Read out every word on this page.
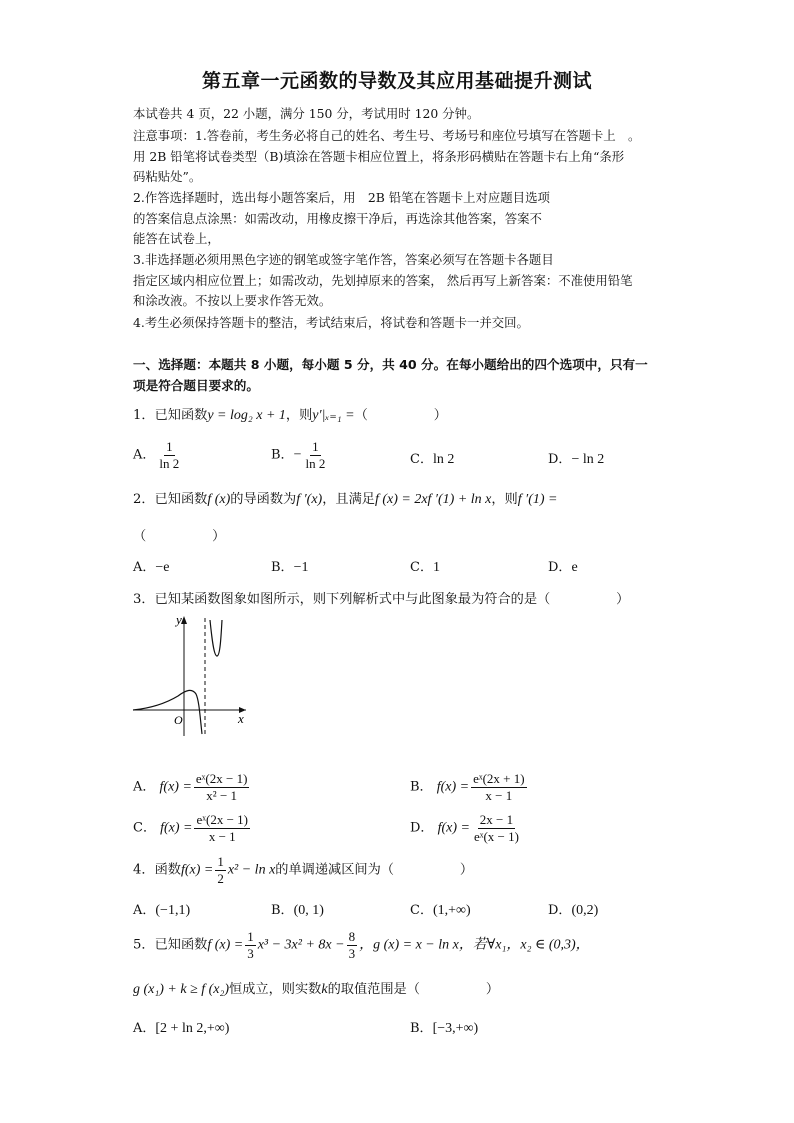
第五章一元函数的导数及其应用基础提升测试
本试卷共 4 页，22 小题，满分 150 分，考试用时 120 分钟。
注意事项：1.答卷前，考生务必将自己的姓名、考生号、考场号和座位号填写在答题卡上　。
用 2B 铅笔将试卷类型（B)填涂在答题卡相应位置上，将条形码横贴在答题卡右上角“条形
码粘贴处”。
2.作答选择题时，选出每小题答案后，用　2B 铅笔在答题卡上对应题目选项
的答案信息点涂黑：如需改动，用橡皮擦干净后，再选涂其他答案，答案不
能答在试卷上，
3.非选择题必须用黑色字迹的钢笔或签字笔作答，答案必须写在答题卡各题目
指定区域内相应位置上；如需改动，先划掉原来的答案， 然后再写上新答案：不准使用铅笔
和涂改液。不按以上要求作答无效。
4.考生必须保持答题卡的整洁，考试结束后，将试卷和答题卡一并交回。
一、选择题：本题共 8 小题，每小题 5 分，共 40 分。在每小题给出的四个选项中，只有一
项是符合题目要求的。
1．已知函数y = log₂ x + 1，则y′|ₓ₌₁ =（　　　　　）
A． $\frac{1}{\ln 2}$	B．− $\frac{1}{\ln 2}$	C．ln 2	D．− ln 2
2．已知函数f (x)的导函数为f ′(x)，且满足f (x) = 2xf ′(1) + ln x，则f ′(1) =
（　　　　　）
A．−e	B．−1	C．1	D．e
3．已知某函数图象如图所示，则下列解析式中与此图象最为符合的是（　　　　　）
y
x
O
A． $f(x) = \frac{\text{eˣ(2x − 1)}}{\text{x² − 1}}$	B． $f(x) = \frac{\text{eˣ(2x + 1)}}{x - 1}$
C． $f(x) = \frac{\text{eˣ(2x − 1)}}{x - 1}$	D． $f(x) = \frac{2x - 1}{\text{eˣ(x − 1)}}$
4．函数$f(x) = \frac{1}{2} x^2 - \ln x$的单调递减区间为（　　　　　）
A．(−1,1)	B．(0, 1)	C．(1,+∞)	D．(0,2)
5．已知函数f $(x) = \frac{1}{3} x^3 - 3x^2 + 8x - \frac{8}{3}$ ，g (x) = x − ln x，若∀x₁，x₂ ∈ (0,3)，
g (x₁) + k ≥ f (x₂)恒成立，则实数k的取值范围是（　　　　　）
A．[2 + ln 2,+∞)	B．[−3,+∞)
